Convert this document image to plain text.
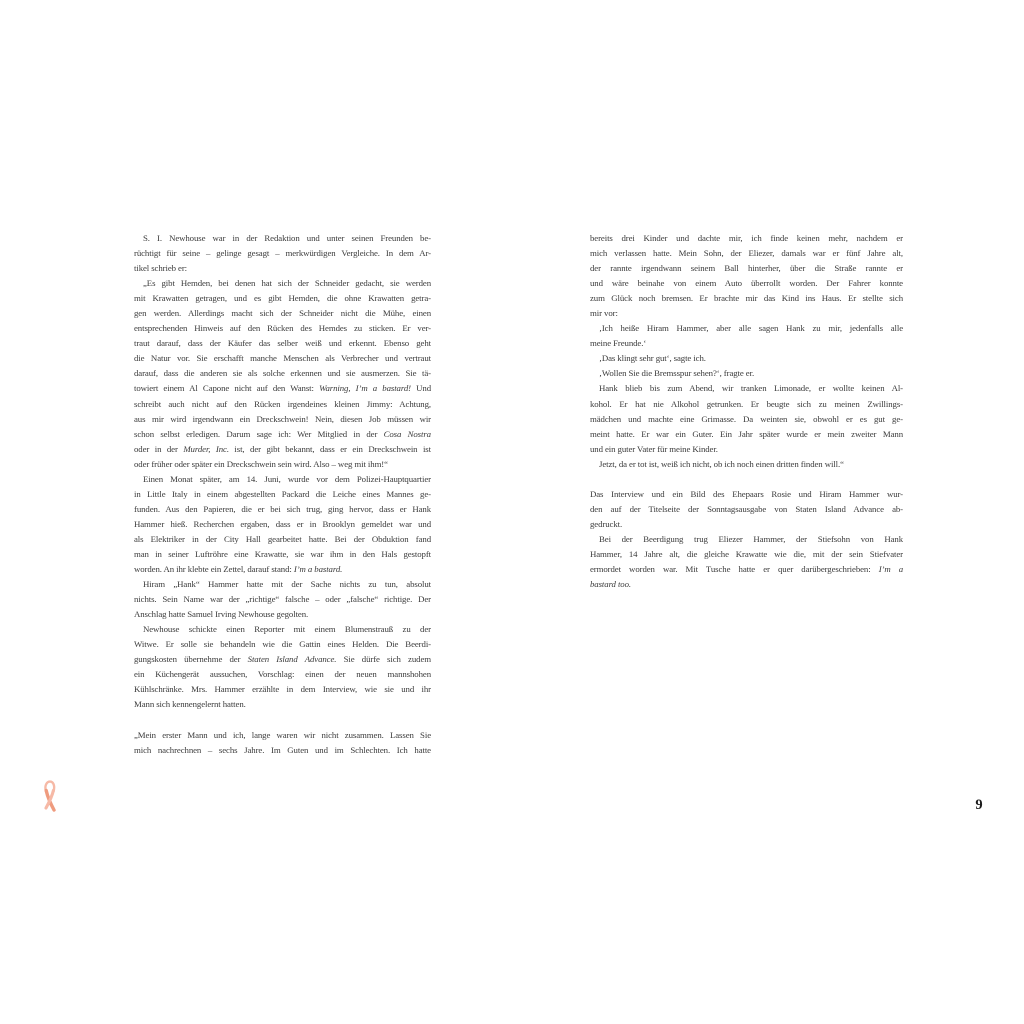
S. I. Newhouse war in der Redaktion und unter seinen Freunden be-
rüchtigt für seine – gelinge gesagt – merkwürdigen Vergleiche. In dem Ar-
tikel schrieb er:
„Es gibt Hemden, bei denen hat sich der Schneider gedacht, sie werden
mit Krawatten getragen, und es gibt Hemden, die ohne Krawatten getra-
gen werden. Allerdings macht sich der Schneider nicht die Mühe, einen
entsprechenden Hinweis auf den Rücken des Hemdes zu sticken. Er ver-
traut darauf, dass der Käufer das selber weiß und erkennt. Ebenso geht
die Natur vor. Sie erschafft manche Menschen als Verbrecher und vertraut
darauf, dass die anderen sie als solche erkennen und sie ausmerzen. Sie tä-
towiert einem Al Capone nicht auf den Wanst: Warning, I’m a bastard! Und
schreibt auch nicht auf den Rücken irgendeines kleinen Jimmy: Achtung,
aus mir wird irgendwann ein Dreckschwein! Nein, diesen Job müssen wir
schon selbst erledigen. Darum sage ich: Wer Mitglied in der Cosa Nostra
oder in der Murder, Inc. ist, der gibt bekannt, dass er ein Dreckschwein ist
oder früher oder später ein Dreckschwein sein wird. Also – weg mit ihm!“
Einen Monat später, am 14. Juni, wurde vor dem Polizei-Hauptquartier
in Little Italy in einem abgestellten Packard die Leiche eines Mannes ge-
funden. Aus den Papieren, die er bei sich trug, ging hervor, dass er Hank
Hammer hieß. Recherchen ergaben, dass er in Brooklyn gemeldet war und
als Elektriker in der City Hall gearbeitet hatte. Bei der Obduktion fand
man in seiner Luftröhre eine Krawatte, sie war ihm in den Hals gestopft
worden. An ihr klebte ein Zettel, darauf stand: I’m a bastard.
Hiram „Hank“ Hammer hatte mit der Sache nichts zu tun, absolut
nichts. Sein Name war der „richtige“ falsche – oder „falsche“ richtige. Der
Anschlag hatte Samuel Irving Newhouse gegolten.
Newhouse schickte einen Reporter mit einem Blumenstrauß zu der
Witwe. Er solle sie behandeln wie die Gattin eines Helden. Die Beerdi-
gungskosten übernehme der Staten Island Advance. Sie dürfe sich zudem
ein Küchengerät aussuchen, Vorschlag: einen der neuen mannshohen
Kühlschränke. Mrs. Hammer erzählte in dem Interview, wie sie und ihr
Mann sich kennengelernt hatten.
„Mein erster Mann und ich, lange waren wir nicht zusammen. Lassen Sie
mich nachrechnen – sechs Jahre. Im Guten und im Schlechten. Ich hatte
bereits drei Kinder und dachte mir, ich finde keinen mehr, nachdem er
mich verlassen hatte. Mein Sohn, der Eliezer, damals war er fünf Jahre alt,
der rannte irgendwann seinem Ball hinterher, über die Straße rannte er
und wäre beinahe von einem Auto überrollt worden. Der Fahrer konnte
zum Glück noch bremsen. Er brachte mir das Kind ins Haus. Er stellte sich
mir vor:
‚Ich heiße Hiram Hammer, aber alle sagen Hank zu mir, jedenfalls alle
meine Freunde.‘
‚Das klingt sehr gut‘, sagte ich.
‚Wollen Sie die Bremsspur sehen?‘, fragte er.
Hank blieb bis zum Abend, wir tranken Limonade, er wollte keinen Al-
kohol. Er hat nie Alkohol getrunken. Er beugte sich zu meinen Zwillings-
mädchen und machte eine Grimasse. Da weinten sie, obwohl er es gut ge-
meint hatte. Er war ein Guter. Ein Jahr später wurde er mein zweiter Mann
und ein guter Vater für meine Kinder.
Jetzt, da er tot ist, weiß ich nicht, ob ich noch einen dritten finden will.“
Das Interview und ein Bild des Ehepaars Rosie und Hiram Hammer wur-
den auf der Titelseite der Sonntagsausgabe von Staten Island Advance ab-
gedruckt.
Bei der Beerdigung trug Eliezer Hammer, der Stiefsohn von Hank
Hammer, 14 Jahre alt, die gleiche Krawatte wie die, mit der sein Stiefvater
ermordet worden war. Mit Tusche hatte er quer darübergeschrieben: I’m a
bastard too.
9
